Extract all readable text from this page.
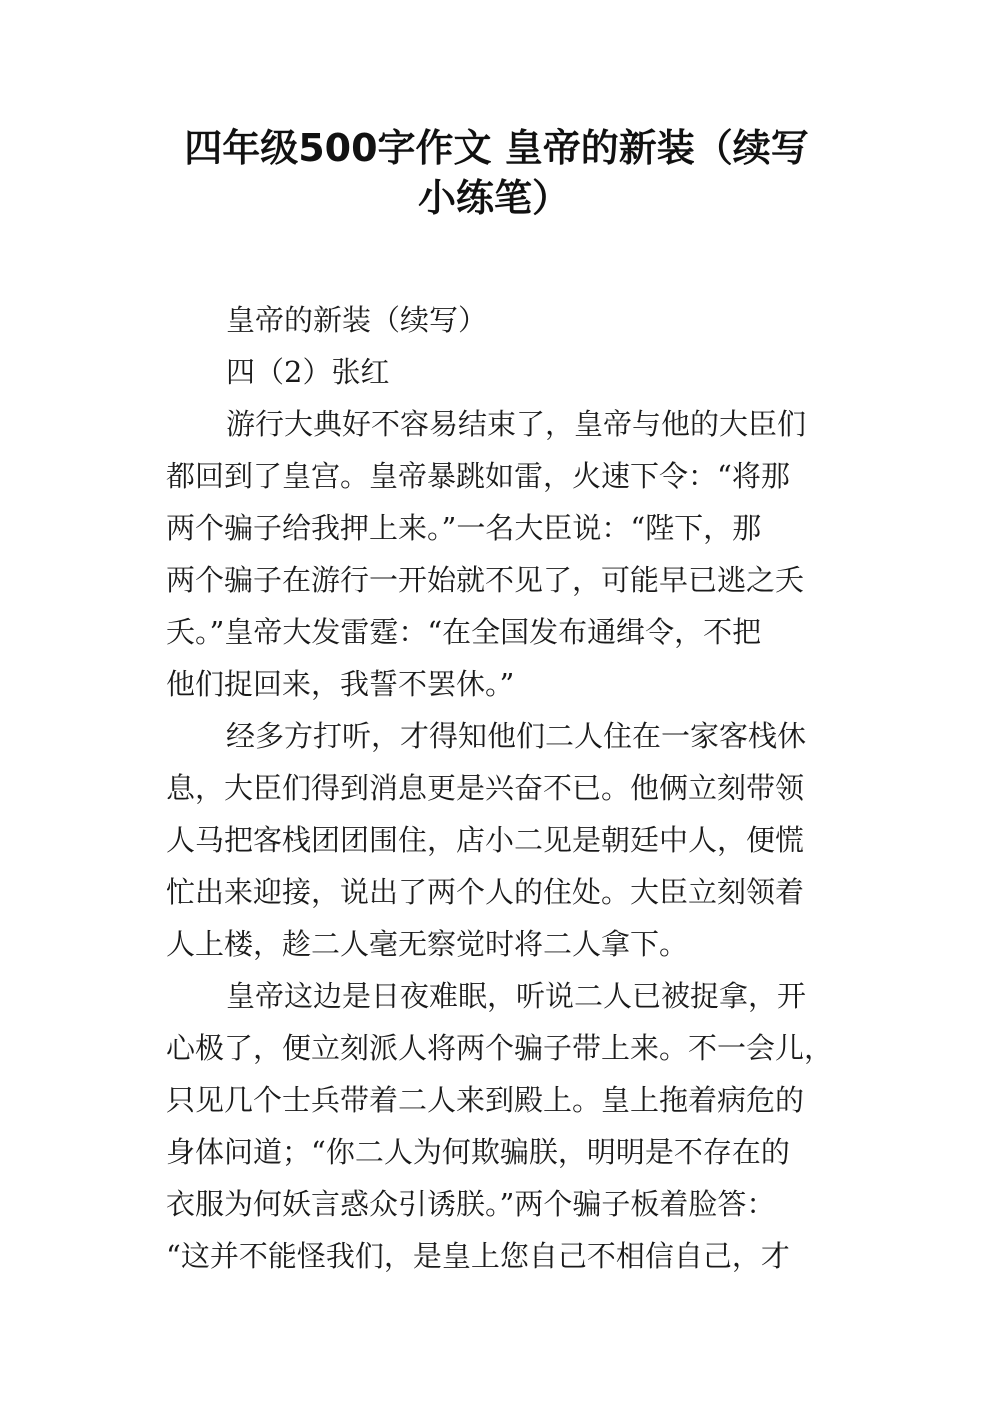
四年级500字作文 皇帝的新装（续写
小练笔）
皇帝的新装（续写）
四（2）张红
游行大典好不容易结束了，皇帝与他的大臣们
都回到了皇宫。皇帝暴跳如雷，火速下令：“将那
两个骗子给我押上来。”一名大臣说：“陛下，那
两个骗子在游行一开始就不见了，可能早已逃之夭
夭。”皇帝大发雷霆：“在全国发布通缉令，不把
他们捉回来，我誓不罢休。”
经多方打听，才得知他们二人住在一家客栈休
息，大臣们得到消息更是兴奋不已。他俩立刻带领
人马把客栈团团围住，店小二见是朝廷中人，便慌
忙出来迎接，说出了两个人的住处。大臣立刻领着
人上楼，趁二人毫无察觉时将二人拿下。
皇帝这边是日夜难眠，听说二人已被捉拿，开
心极了，便立刻派人将两个骗子带上来。不一会儿，
只见几个士兵带着二人来到殿上。皇上拖着病危的
身体问道；“你二人为何欺骗朕，明明是不存在的
衣服为何妖言惑众引诱朕。”两个骗子板着脸答：
“这并不能怪我们，是皇上您自己不相信自己，才
